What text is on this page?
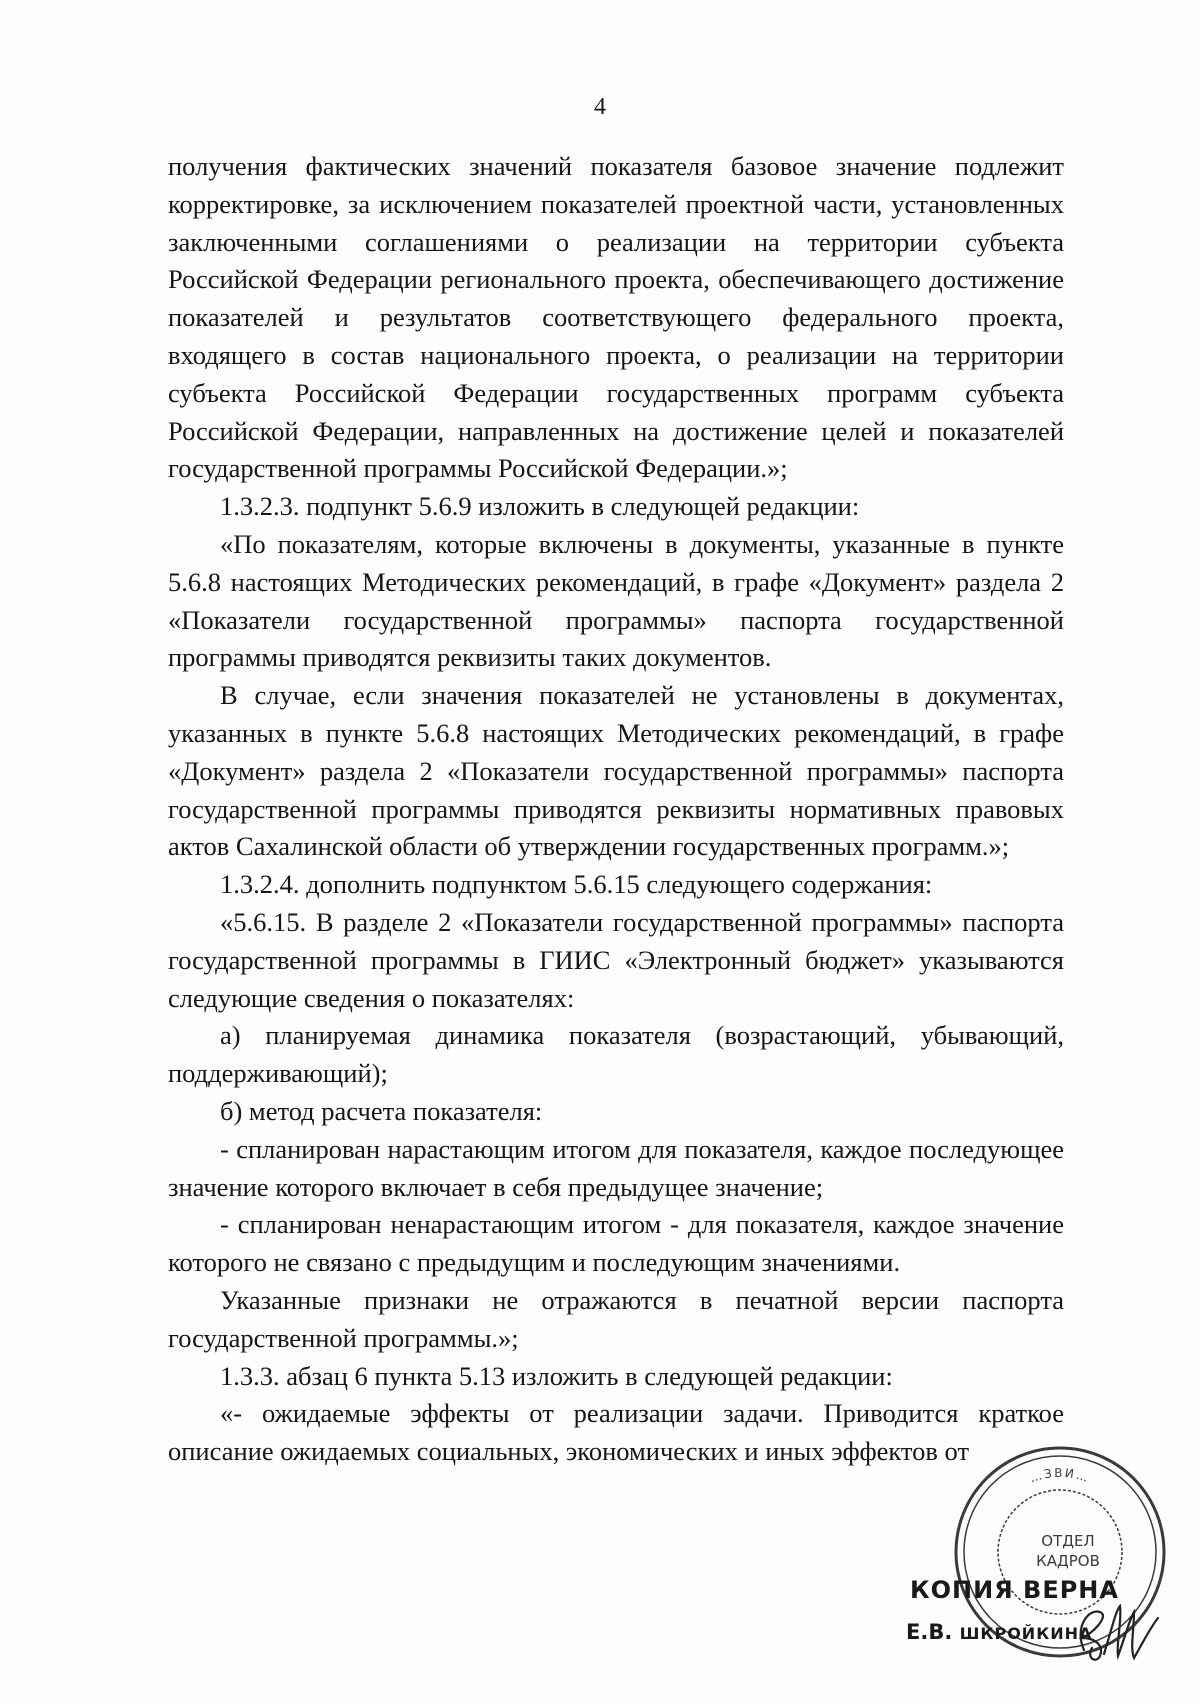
4

получения фактических значений показателя базовое значение подлежит корректировке, за исключением показателей проектной части, установленных заключенными соглашениями о реализации на территории субъекта Российской Федерации регионального проекта, обеспечивающего достижение показателей и результатов соответствующего федерального проекта, входящего в состав национального проекта, о реализации на территории субъекта Российской Федерации государственных программ субъекта Российской Федерации, направленных на достижение целей и показателей государственной программы Российской Федерации.»;

1.3.2.3. подпункт 5.6.9 изложить в следующей редакции:

«По показателям, которые включены в документы, указанные в пункте 5.6.8 настоящих Методических рекомендаций, в графе «Документ» раздела 2 «Показатели государственной программы» паспорта государственной программы приводятся реквизиты таких документов.

В случае, если значения показателей не установлены в документах, указанных в пункте 5.6.8 настоящих Методических рекомендаций, в графе «Документ» раздела 2 «Показатели государственной программы» паспорта государственной программы приводятся реквизиты нормативных правовых актов Сахалинской области об утверждении государственных программ.»;

1.3.2.4. дополнить подпунктом 5.6.15 следующего содержания:

«5.6.15. В разделе 2 «Показатели государственной программы» паспорта государственной программы в ГИИС «Электронный бюджет» указываются следующие сведения о показателях:

а) планируемая динамика показателя (возрастающий, убывающий, поддерживающий);

б) метод расчета показателя:

- спланирован нарастающим итогом для показателя, каждое последующее значение которого включает в себя предыдущее значение;

- спланирован ненарастающим итогом - для показателя, каждое значение которого не связано с предыдущим и последующим значениями.

Указанные признаки не отражаются в печатной версии паспорта государственной программы.»;

1.3.3. абзац 6 пункта 5.13 изложить в следующей редакции:

«- ожидаемые эффекты от реализации задачи. Приводится краткое описание ожидаемых социальных, экономических и иных эффектов от

…ЗВИ…
ОТДЕЛ
КАДРОВ
КОПИЯ ВЕРНА
Е.В. ШКРОЙКИНА
